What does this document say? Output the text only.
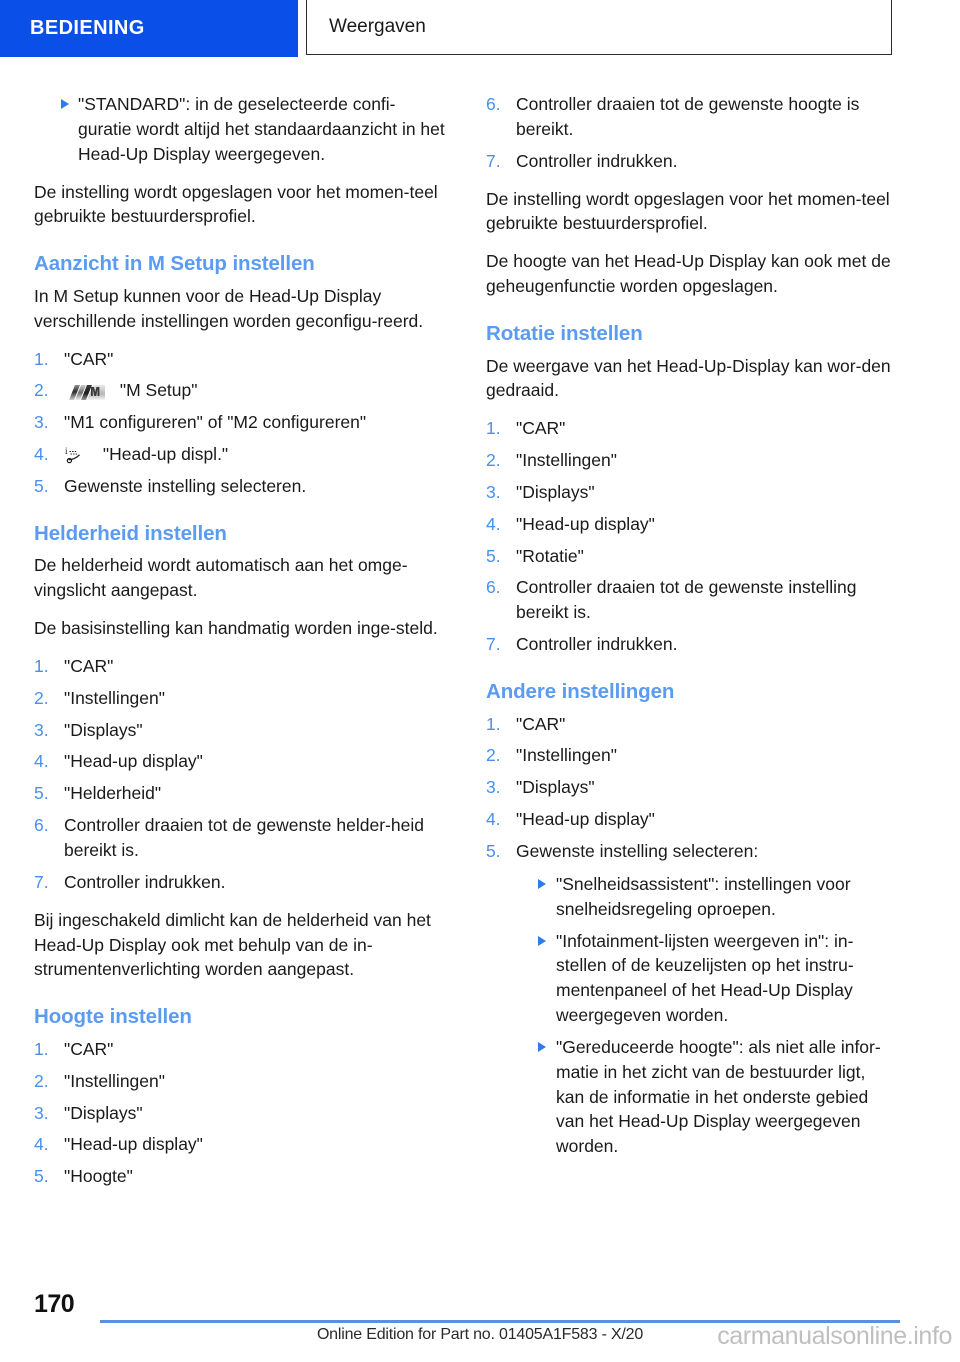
BEDIENING	Weergaven
"STANDARD": in de geselecteerde confi-guratie wordt altijd het standaardaanzicht in het Head-Up Display weergegeven.

De instelling wordt opgeslagen voor het momen-teel gebruikte bestuurdersprofiel.

Aanzicht in M Setup instellen

In M Setup kunnen voor de Head-Up Display verschillende instellingen worden geconfigu-reerd.

1. "CAR"
2.	"M Setup"
3. "M1 configureren" of "M2 configureren"
4.	i "Head-up displ."
5. Gewenste instelling selecteren.
Helderheid instellen

De helderheid wordt automatisch aan het omge-vingslicht aangepast.

De basisinstelling kan handmatig worden inge-steld.

1. "CAR"
2. "Instellingen"
3. "Displays"
4. "Head-up display"
5. "Helderheid"
6. Controller draaien tot de gewenste helder-heid bereikt is.
7. Controller indrukken.

Bij ingeschakeld dimlicht kan de helderheid van het Head-Up Display ook met behulp van de in-strumentenverlichting worden aangepast.

Hoogte instellen
1. "CAR"
2. "Instellingen"
3. "Displays"
4. "Head-up display"
5. "Hoogte"
6. Controller draaien tot de gewenste hoogte is bereikt.
7. Controller indrukken.

De instelling wordt opgeslagen voor het momen-teel gebruikte bestuurdersprofiel.

De hoogte van het Head-Up Display kan ook met de geheugenfunctie worden opgeslagen.

Rotatie instellen

De weergave van het Head-Up-Display kan wor-den gedraaid.

1. "CAR"
2. "Instellingen"
3. "Displays"
4. "Head-up display"
5. "Rotatie"
6. Controller draaien tot de gewenste instelling bereikt is.
7. Controller indrukken.
Andere instellingen
1. "CAR"
2. "Instellingen"
3. "Displays"
4. "Head-up display"
5. Gewenste instelling selecteren:
"Snelheidsassistent": instellingen voor snelheidsregeling oproepen.
"Infotainment-lijsten weergeven in": in-stellen of de keuzelijsten op het instru-mentenpaneel of het Head-Up Display weergegeven worden.
"Gereduceerde hoogte": als niet alle infor-matie in het zicht van de bestuurder ligt, kan de informatie in het onderste gebied van het Head-Up Display weergegeven worden.
170
Online Edition for Part no. 01405A1F583 - X/20	carmanualsonline.info
